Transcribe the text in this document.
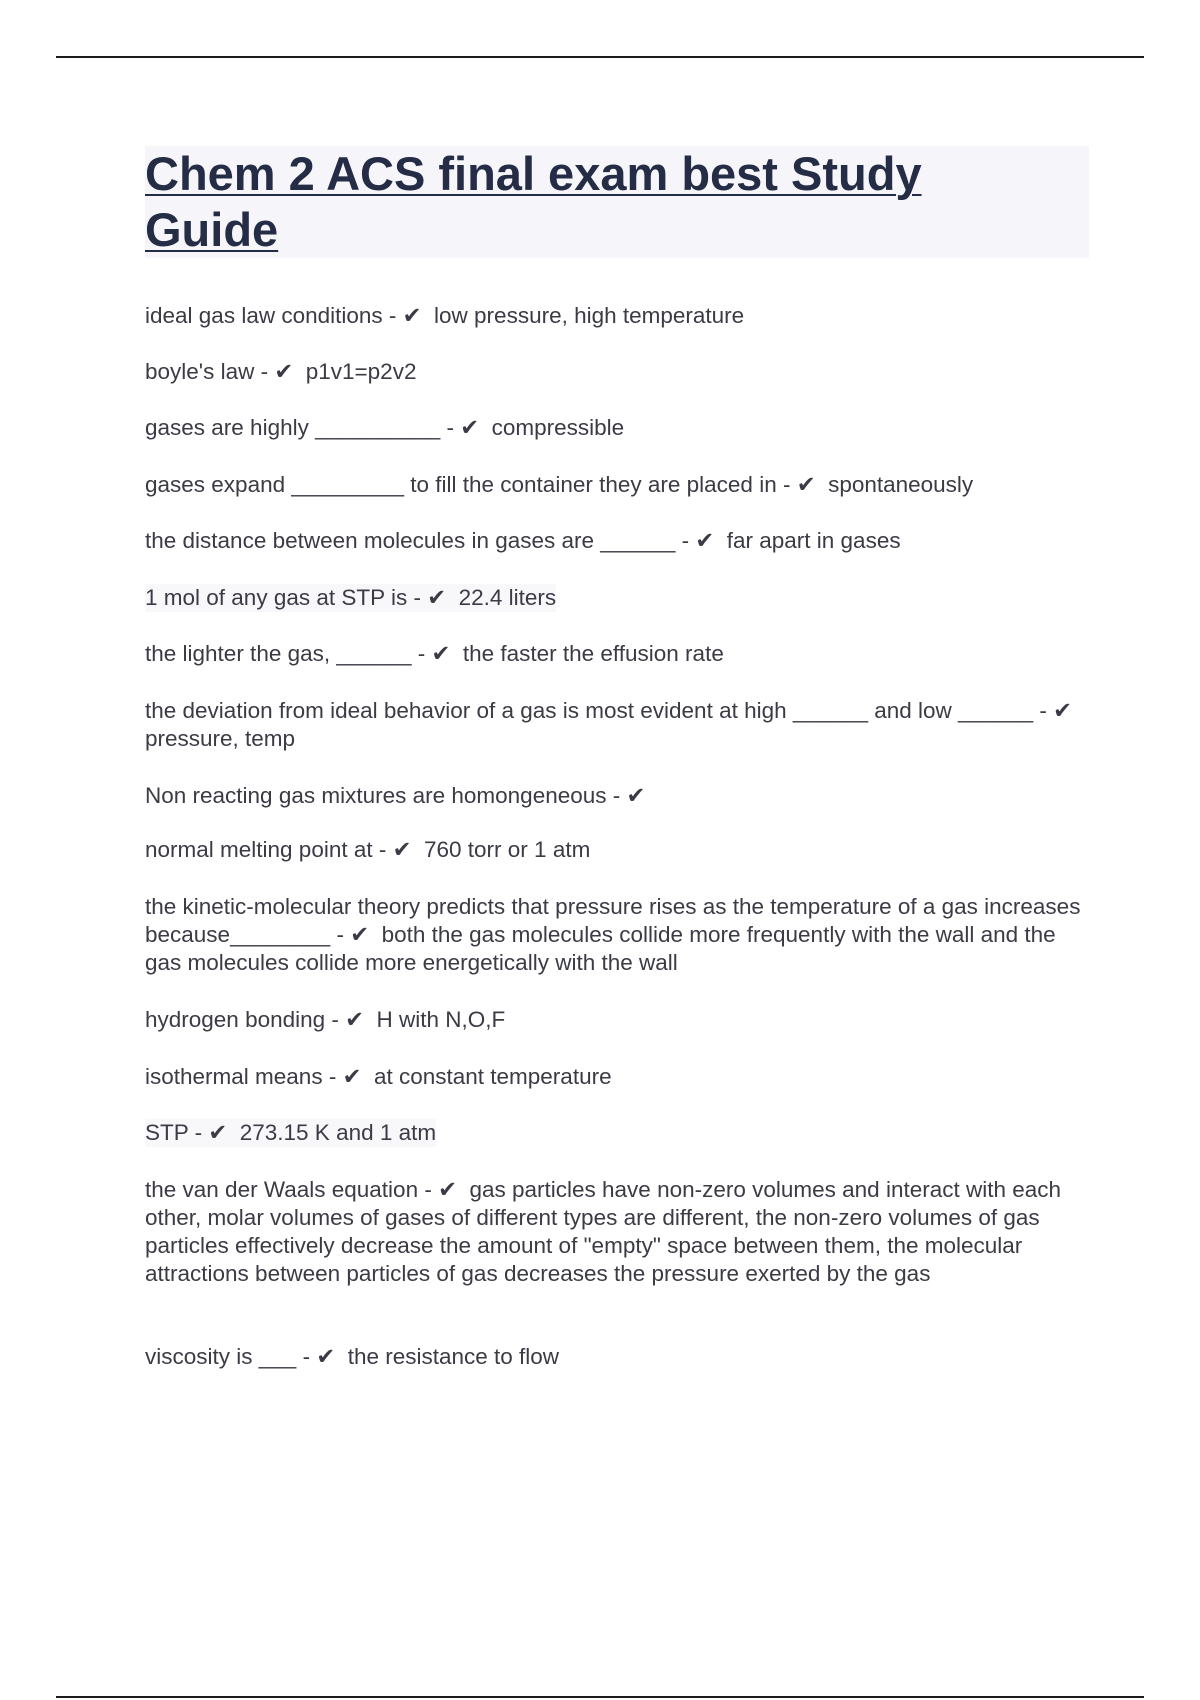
Chem 2 ACS final exam best Study Guide
ideal gas law conditions - ✔ low pressure, high temperature
boyle's law - ✔ p1v1=p2v2
gases are highly __________ - ✔ compressible
gases expand _________ to fill the container they are placed in - ✔ spontaneously
the distance between molecules in gases are ______ - ✔ far apart in gases
1 mol of any gas at STP is - ✔ 22.4 liters
the lighter the gas, ______ - ✔ the faster the effusion rate
the deviation from ideal behavior of a gas is most evident at high ______ and low ______ - ✔  pressure, temp
Non reacting gas mixtures are homongeneous - ✔
normal melting point at - ✔ 760 torr or 1 atm
the kinetic-molecular theory predicts that pressure rises as the temperature of a gas increases because________ - ✔ both the gas molecules collide more frequently with the wall and the gas molecules collide more energetically with the wall
hydrogen bonding - ✔ H with N,O,F
isothermal means - ✔ at constant temperature
STP - ✔ 273.15 K and 1 atm
the van der Waals equation - ✔ gas particles have non-zero volumes and interact with each other, molar volumes of gases of different types are different, the non-zero volumes of gas particles effectively decrease the amount of "empty" space between them, the molecular attractions between particles of gas decreases the pressure exerted by the gas
viscosity is ___ - ✔ the resistance to flow
